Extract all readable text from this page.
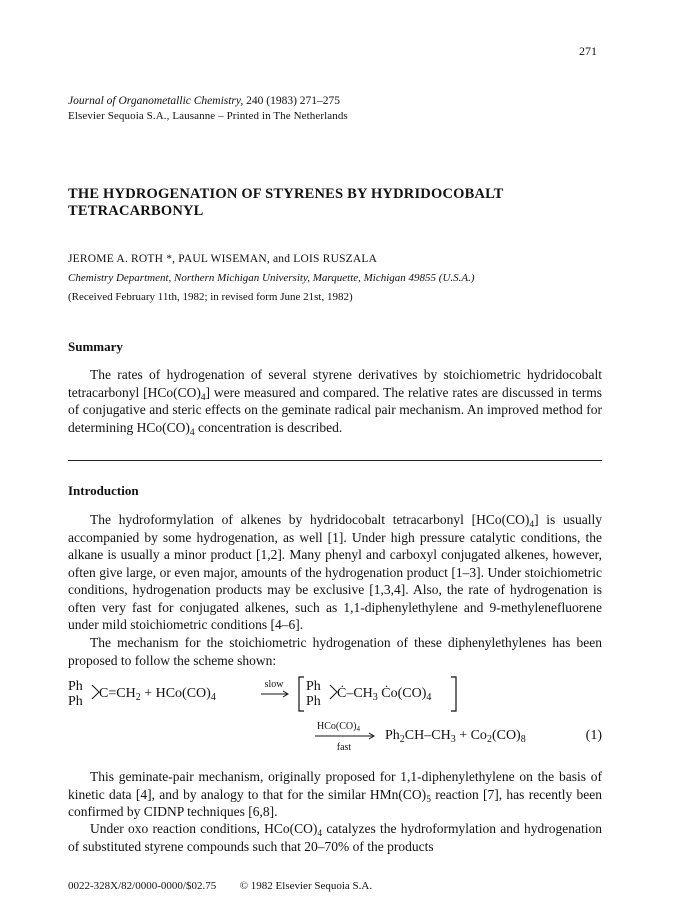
271
Journal of Organometallic Chemistry, 240 (1983) 271–275
Elsevier Sequoia S.A., Lausanne – Printed in The Netherlands
THE HYDROGENATION OF STYRENES BY HYDRIDOCOBALT
TETRACARBONYL
JEROME A. ROTH *, PAUL WISEMAN, and LOIS RUSZALA
Chemistry Department, Northern Michigan University, Marquette, Michigan 49855 (U.S.A.)
(Received February 11th, 1982; in revised form June 21st, 1982)
Summary

The rates of hydrogenation of several styrene derivatives by stoichiometric hydridocobalt tetracarbonyl $[HCo(CO)_4]$ were measured and compared. The relative rates are discussed in terms of conjugative and steric effects on the geminate radical pair mechanism. An improved method for determining $HCo(CO)_4$ concentration is described.

Introduction

The hydroformylation of alkenes by hydridocobalt tetracarbonyl $[HCo(CO)_4]$ is usually accompanied by some hydrogenation, as well [1]. Under high pressure catalytic conditions, the alkane is usually a minor product [1,2]. Many phenyl and carboxyl conjugated alkenes, however, often give large, or even major, amounts of the hydrogenation product [1–3]. Under stoichiometric conditions, hydrogenation products may be exclusive [1,3,4]. Also, the rate of hydrogenation is often very fast for conjugated alkenes, such as 1,1-diphenylethylene and 9-methylenefluorene under mild stoichiometric conditions [4–6].

The mechanism for the stoichiometric hydrogenation of these diphenylethylenes has been proposed to follow the scheme shown:

Ph
Ph
$C=CH_2 + HCo(CO)_4$
slow Ph
Ph
$Ċ-CH_3$ $Ċo(CO)_4$
$HCo(CO)_4$
fast
$Ph_2CH-CH_3 + Co_2(CO)_8$	(1)

This geminate-pair mechanism, originally proposed for 1,1-diphenylethylene on the basis of kinetic data [4], and by analogy to that for the similar $HMn(CO)_5$ reaction [7], has recently been confirmed by CIDNP techniques [6,8].

Under oxo reaction conditions, $HCo(CO)_4$ catalyzes the hydroformylation and hydrogenation of substituted styrene compounds such that 20–70% of the products

0022-328X/82/0000-0000/$02.75 © 1982 Elsevier Sequoia S.A.
